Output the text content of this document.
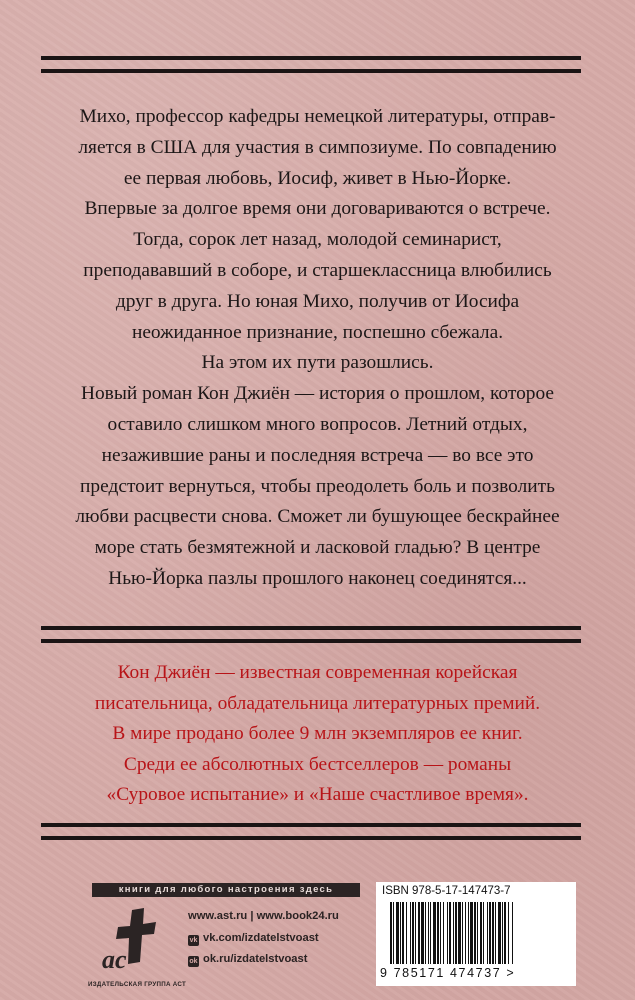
Михо, профессор кафедры немецкой литературы, отправ-

ляется в США для участия в симпозиуме. По совпадению

ее первая любовь, Иосиф, живет в Нью-Йорке.

Впервые за долгое время они договариваются о встрече.

Тогда, сорок лет назад, молодой семинарист,

преподававший в соборе, и старшеклассница влюбились

друг в друга. Но юная Михо, получив от Иосифа

неожиданное признание, поспешно сбежала.

На этом их пути разошлись.

Новый роман Кон Джиён — история о прошлом, которое

оставило слишком много вопросов. Летний отдых,

незажившие раны и последняя встреча — во все это

предстоит вернуться, чтобы преодолеть боль и позволить

любви расцвести снова. Сможет ли бушующее бескрайнее

море стать безмятежной и ласковой гладью? В центре

Нью-Йорка пазлы прошлого наконец соединятся...

Кон Джиён — известная современная корейская

писательница, обладательница литературных премий.

В мире продано более 9 млн экземпляров ее книг.

Среди ее абсолютных бестселлеров — романы

«Суровое испытание» и «Наше счастливое время».

книги для любого настроения здесь
ac
ИЗДАТЕЛЬСКАЯ ГРУППА АСТ
www.ast.ru | www.book24.ru
vk vk.com/izdatelstvoast
ok ok.ru/izdatelstvoast
ISBN 978-5-17-147473-7
9 785171 474737 >
